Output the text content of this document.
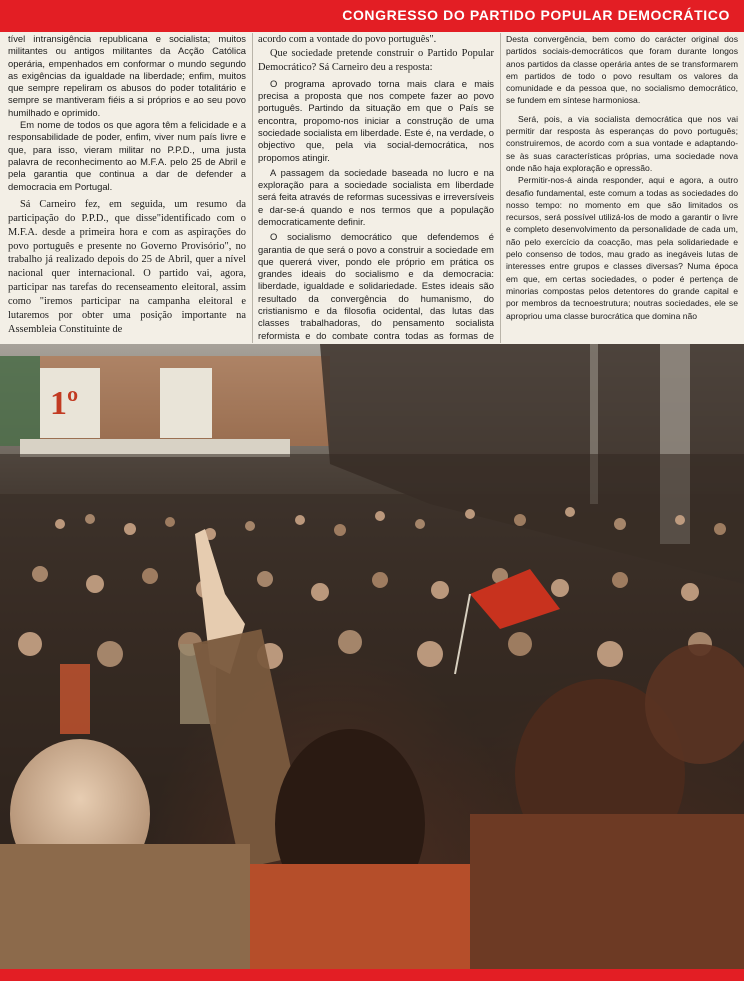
CONGRESSO DO PARTIDO POPULAR DEMOCRÁTICO

tível intransigência republicana e socialista; muitos militantes ou antigos militantes da Acção Católica operária, empenhados em conformar o mundo segundo as exigências da igualdade na liberdade; enfim, muitos que sempre repeliram os abusos do poder totalitário e sempre se mantiveram fiéis a si próprios e ao seu povo humilhado e oprimido.

Em nome de todos os que agora têm a felicidade e a responsabilidade de poder, enfim, viver num país livre e que, para isso, vieram militar no P.P.D., uma justa palavra de reconhecimento ao M.F.A. pelo 25 de Abril e pela garantia que continua a dar de defender a democracia em Portugal.

Sá Carneiro fez, em seguida, um resumo da participação do P.P.D., que disse"identificado com o M.F.A. desde a primeira hora e com as aspirações do povo português e presente no Governo Provisório", no trabalho já realizado depois do 25 de Abril, quer a nível nacional quer internacional. O partido vai, agora, participar nas tarefas do recenseamento eleitoral, assim como "iremos participar na campanha eleitoral e lutaremos por obter uma posição importante na Assembleia Constituinte de

acordo com a vontade do povo português".

Que sociedade pretende construir o Partido Popular Democrático? Sá Carneiro deu a resposta:

O programa aprovado torna mais clara e mais precisa a proposta que nos compete fazer ao povo português. Partindo da situação em que o País se encontra, propomo-nos iniciar a construção de uma sociedade socialista em liberdade. Este é, na verdade, o objectivo que, pela via social-democrática, nos propomos atingir.

A passagem da sociedade baseada no lucro e na exploração para a sociedade socialista em liberdade será feita através de reformas sucessivas e irreversíveis e dar-se-á quando e nos termos que a população democraticamente definir.

O socialismo democrático que defendemos é garantia de que será o povo a construir a sociedade em que quererá viver, pondo ele próprio em prática os grandes ideais do socialismo e da democracia: liberdade, igualdade e solidariedade. Estes ideais são resultado da convergência do humanismo, do cristianismo e da filosofia ocidental, das lutas das classes trabalhadoras, do pensamento socialista reformista e do combate contra todas as formas de

Desta convergência, bem como do carácter original dos partidos sociais-democráticos que foram durante longos anos partidos da classe operária antes de se transformarem em partidos de todo o povo resultam os valores da comunidade e da pessoa que, no socialismo democrático, se fundem em síntese harmoniosa.

Será, pois, a via socialista democrática que nos vai permitir dar resposta às esperanças do povo português; construiremos, de acordo com a sua vontade e adaptando-se às suas características próprias, uma sociedade nova onde não haja exploração e opressão.

Permitir-nos-á ainda responder, aqui e agora, a outro desafio fundamental, este comum a todas as sociedades do nosso tempo: no momento em que são limitados os recursos, será possível utilizá-los de modo a garantir o livre e completo desenvolvimento da personalidade de cada um, não pelo exercício da coacção, mas pela solidariedade e pelo consenso de todos, mau grado as inegáveis lutas de interesses entre grupos e classes diversas? Numa época em que, em certas sociedades, o poder é pertença de minorias compostas pelos detentores do grande capital e por membros da tecnoestrutura; noutras sociedades, ele se apropriou uma classe burocrática que domina não

1º
